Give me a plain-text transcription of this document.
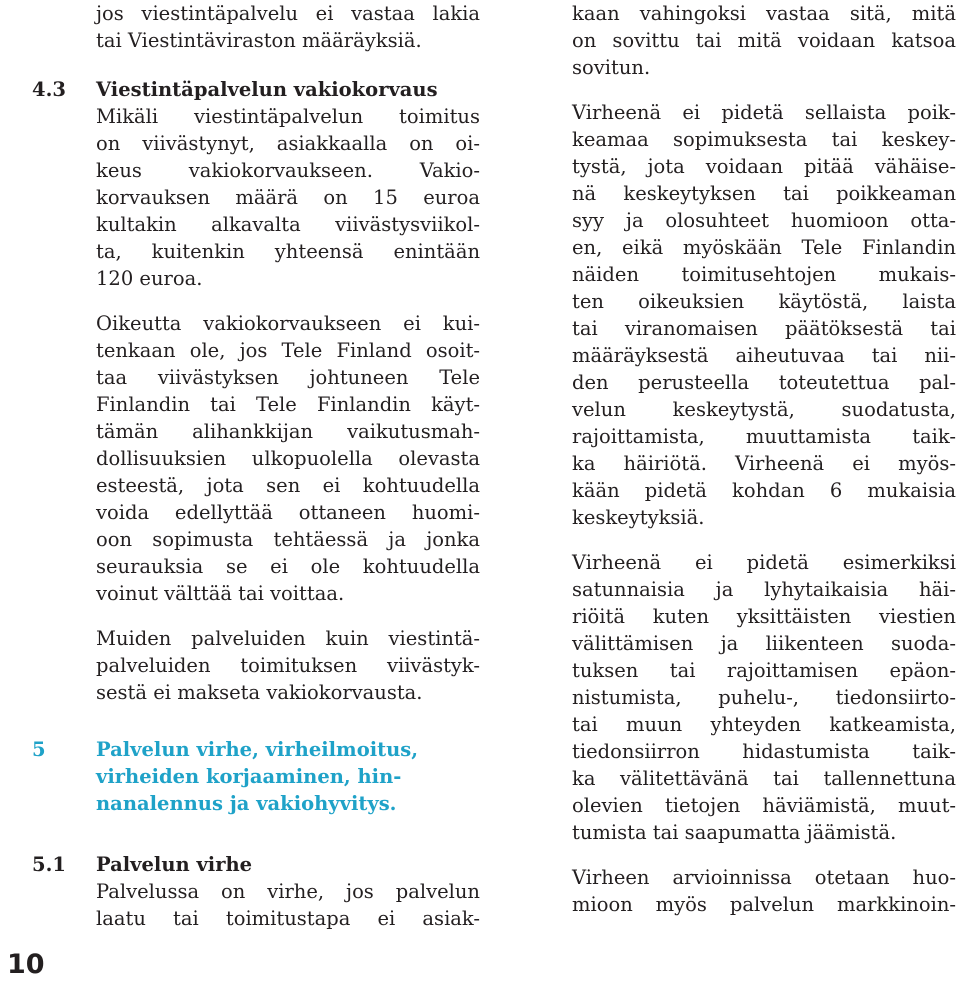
jos viestintäpalvelu ei vastaa lakia
tai Viestintäviraston määräyksiä.
4.3 Viestintäpalvelun vakiokorvaus
Mikäli viestintäpalvelun toimitus
on viivästynyt, asiakkaalla on oi-
keus vakiokorvaukseen. Vakio-
korvauksen määrä on 15 euroa
kultakin alkavalta viivästysviikol-
ta, kuitenkin yhteensä enintään
120 euroa.
Oikeutta vakiokorvaukseen ei kui-
tenkaan ole, jos Tele Finland osoit-
taa viivästyksen johtuneen Tele
Finlandin tai Tele Finlandin käyt-
tämän alihankkijan vaikutusmah-
dollisuuksien ulkopuolella olevasta
esteestä, jota sen ei kohtuudella
voida edellyttää ottaneen huomi-
oon sopimusta tehtäessä ja jonka
seurauksia se ei ole kohtuudella
voinut välttää tai voittaa.
Muiden palveluiden kuin viestintä-
palveluiden toimituksen viivästyk-
sestä ei makseta vakiokorvausta.
5	Palvelun virhe, virheilmoitus,
virheiden korjaaminen, hin-
nanalennus ja vakiohyvitys.
5.1 Palvelun virhe
Palvelussa on virhe, jos palvelun
laatu tai toimitustapa ei asiak-
kaan vahingoksi vastaa sitä, mitä
on sovittu tai mitä voidaan katsoa
sovitun.
Virheenä ei pidetä sellaista poik-
keamaa sopimuksesta tai keskey-
tystä, jota voidaan pitää vähäise-
nä keskeytyksen tai poikkeaman
syy ja olosuhteet huomioon otta-
en, eikä myöskään Tele Finlandin
näiden toimitusehtojen mukais-
ten oikeuksien käytöstä, laista
tai viranomaisen päätöksestä tai
määräyksestä aiheutuvaa tai nii-
den perusteella toteutettua pal-
velun keskeytystä, suodatusta,
rajoittamista, muuttamista taik-
ka häiriötä. Virheenä ei myös-
kään pidetä kohdan 6 mukaisia
keskeytyksiä.
Virheenä ei pidetä esimerkiksi
satunnaisia ja lyhytaikaisia häi-
riöitä kuten yksittäisten viestien
välittämisen ja liikenteen suoda-
tuksen tai rajoittamisen epäon-
nistumista, puhelu-, tiedonsiirto-
tai muun yhteyden katkeamista,
tiedonsiirron hidastumista taik-
ka välitettävänä tai tallennettuna
olevien tietojen häviämistä, muut-
tumista tai saapumatta jäämistä.
Virheen arvioinnissa otetaan huo-
mioon myös palvelun markkinoin-
10
